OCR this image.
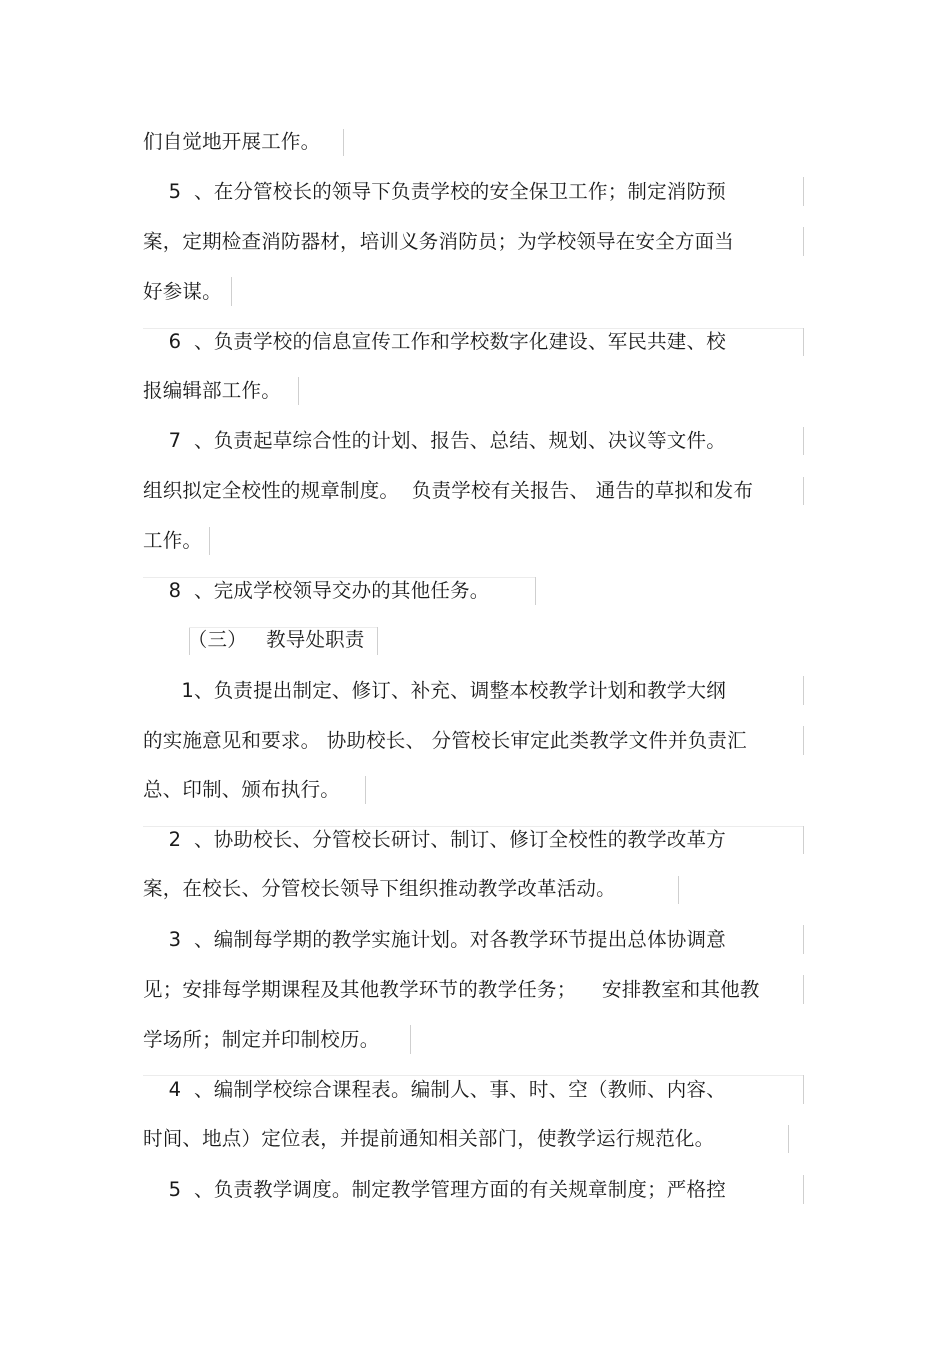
们自觉地开展工作。
5  、在分管校长的领导下负责学校的安全保卫工作；制定消防预
案，定期检查消防器材，培训义务消防员；为学校领导在安全方面当
好参谋。
6  、负责学校的信息宣传工作和学校数字化建设、军民共建、校
报编辑部工作。
7  、负责起草综合性的计划、报告、总结、规划、决议等文件。
组织拟定全校性的规章制度。  负责学校有关报告、 通告的草拟和发布
工作。
8  、完成学校领导交办的其他任务。
（三）   教导处职责
1、负责提出制定、修订、补充、调整本校教学计划和教学大纲
的实施意见和要求。 协助校长、 分管校长审定此类教学文件并负责汇
总、印制、颁布执行。
2  、协助校长、分管校长研讨、制订、修订全校性的教学改革方
案，在校长、分管校长领导下组织推动教学改革活动。
3  、编制每学期的教学实施计划。对各教学环节提出总体协调意
见；安排每学期课程及其他教学环节的教学任务；    安排教室和其他教
学场所；制定并印制校历。
4  、编制学校综合课程表。编制人、事、时、空（教师、内容、
时间、地点）定位表，并提前通知相关部门，使教学运行规范化。
5  、负责教学调度。制定教学管理方面的有关规章制度；严格控
